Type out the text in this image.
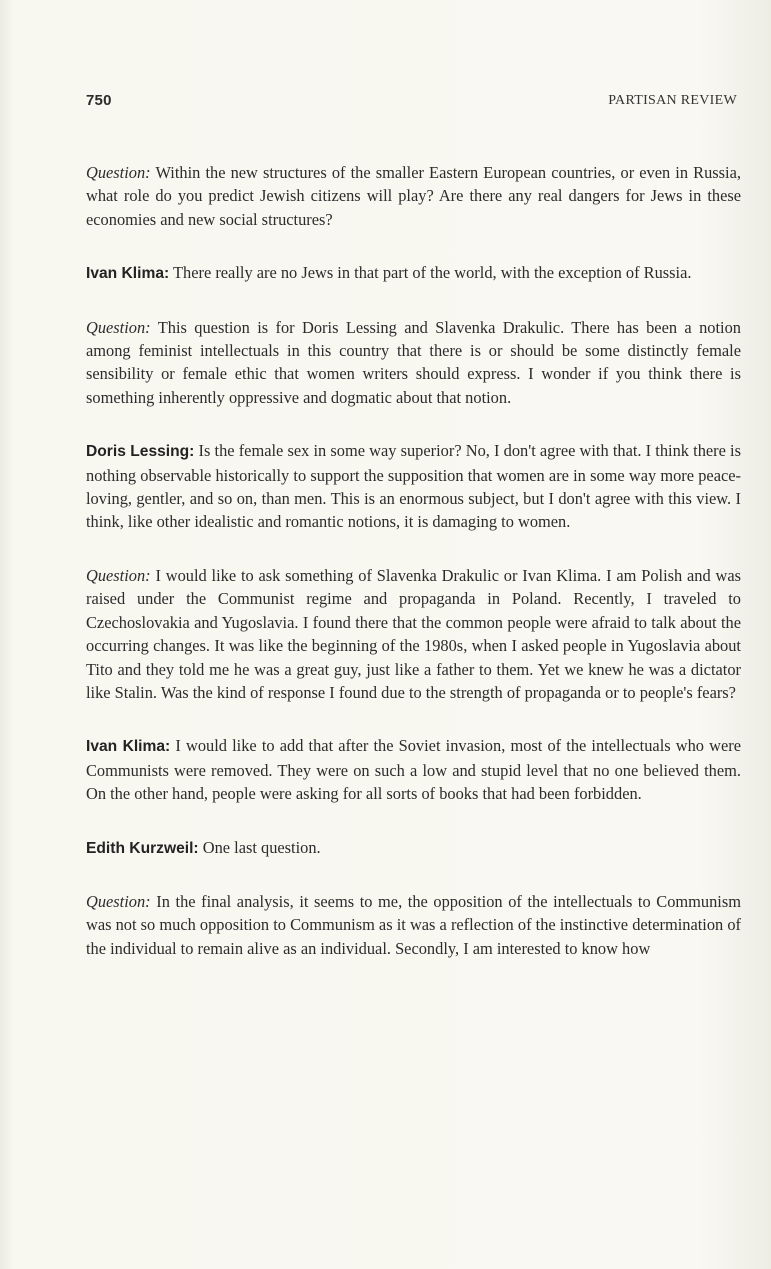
750	PARTISAN REVIEW

Question: Within the new structures of the smaller Eastern European countries, or even in Russia, what role do you predict Jewish citizens will play? Are there any real dangers for Jews in these economies and new social structures?

Ivan Klima: There really are no Jews in that part of the world, with the exception of Russia.

Question: This question is for Doris Lessing and Slavenka Drakulic. There has been a notion among feminist intellectuals in this country that there is or should be some distinctly female sensibility or female ethic that women writers should express. I wonder if you think there is something inherently oppressive and dogmatic about that notion.

Doris Lessing: Is the female sex in some way superior? No, I don't agree with that. I think there is nothing observable historically to support the supposition that women are in some way more peace-loving, gentler, and so on, than men. This is an enormous subject, but I don't agree with this view. I think, like other idealistic and romantic notions, it is damaging to women.

Question: I would like to ask something of Slavenka Drakulic or Ivan Klima. I am Polish and was raised under the Communist regime and propaganda in Poland. Recently, I traveled to Czechoslovakia and Yugoslavia. I found there that the common people were afraid to talk about the occurring changes. It was like the beginning of the 1980s, when I asked people in Yugoslavia about Tito and they told me he was a great guy, just like a father to them. Yet we knew he was a dictator like Stalin. Was the kind of response I found due to the strength of propaganda or to people's fears?

Ivan Klima: I would like to add that after the Soviet invasion, most of the intellectuals who were Communists were removed. They were on such a low and stupid level that no one believed them. On the other hand, people were asking for all sorts of books that had been forbidden.

Edith Kurzweil: One last question.

Question: In the final analysis, it seems to me, the opposition of the intellectuals to Communism was not so much opposition to Communism as it was a reflection of the instinctive determination of the individual to remain alive as an individual. Secondly, I am interested to know how
